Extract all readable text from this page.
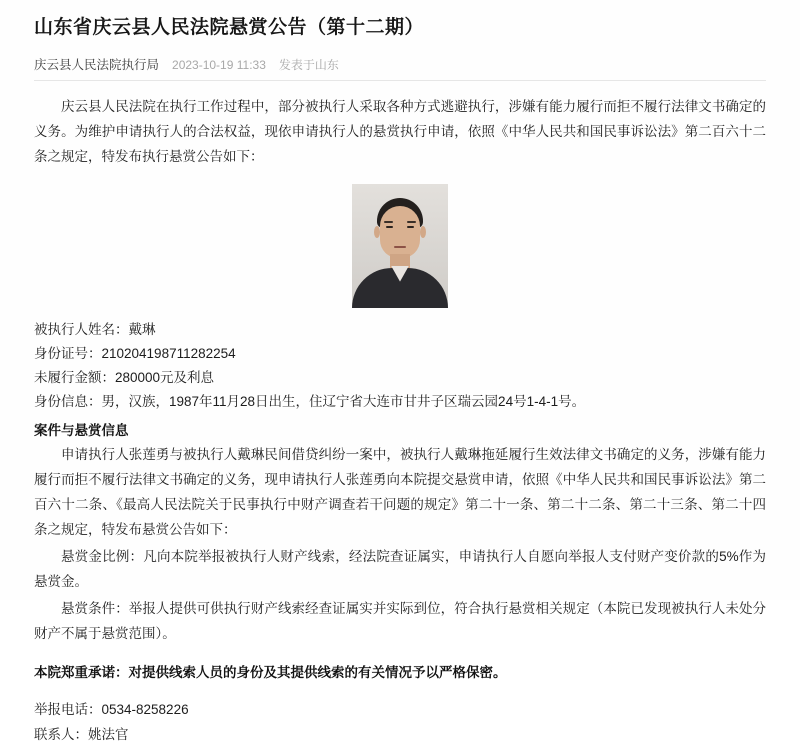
山东省庆云县人民法院悬赏公告（第十二期）
庆云县人民法院执行局 2023-10-19 11:33 发表于山东

庆云县人民法院在执行工作过程中，部分被执行人采取各种方式逃避执行，涉嫌有能力履行而拒不履行法律文书确定的义务。为维护申请执行人的合法权益，现依申请执行人的悬赏执行申请，依照《中华人民共和国民事诉讼法》第二百六十二条之规定，特发布执行悬赏公告如下：

被执行人姓名：戴琳
身份证号：210204198711282254
未履行金额：280000元及利息
身份信息：男，汉族，1987年11月28日出生，住辽宁省大连市甘井子区瑞云园24号1-4-1号。
案件与悬赏信息

申请执行人张莲勇与被执行人戴琳民间借贷纠纷一案中，被执行人戴琳拖延履行生效法律文书确定的义务，涉嫌有能力履行而拒不履行法律文书确定的义务，现申请执行人张莲勇向本院提交悬赏申请，依照《中华人民共和国民事诉讼法》第二百六十二条、《最高人民法院关于民事执行中财产调查若干问题的规定》第二十一条、第二十二条、第二十三条、第二十四条之规定，特发布悬赏公告如下：

悬赏金比例：凡向本院举报被执行人财产线索，经法院查证属实，申请执行人自愿向举报人支付财产变价款的5%作为悬赏金。

悬赏条件：举报人提供可供执行财产线索经查证属实并实际到位，符合执行悬赏相关规定（本院已发现被执行人未处分财产不属于悬赏范围）。

本院郑重承诺：对提供线索人员的身份及其提供线索的有关情况予以严格保密。
举报电话：0534-8258226
联系人：姚法官
